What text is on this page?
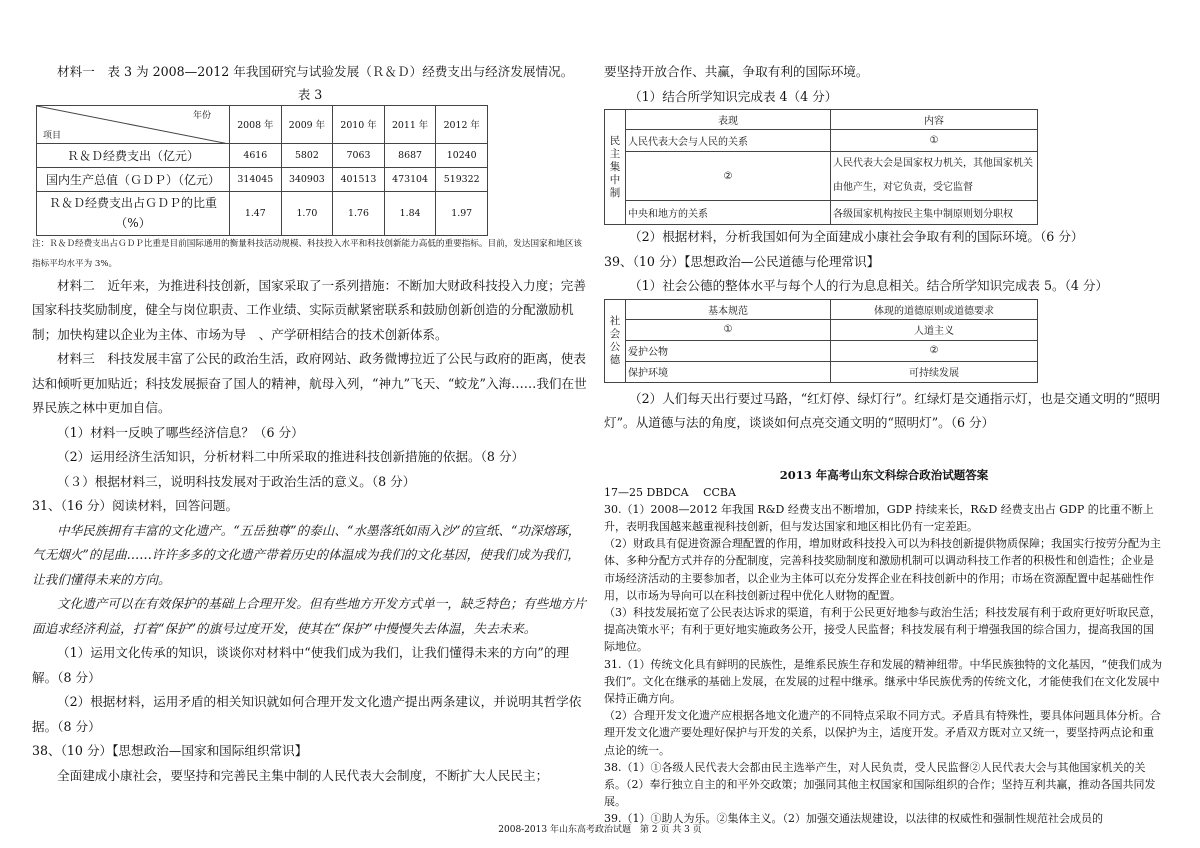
材料一　表 3 为 2008—2012 年我国研究与试验发展（Ｒ＆Ｄ）经费支出与经济发展情况。

表 3

年份
项目	2008 年	2009 年	2010 年	2011 年	2012 年
Ｒ＆Ｄ经费支出（亿元）	4616	5802	7063	8687	10240
国内生产总值（ＧＤＰ）（亿元）	314045	340903	401513	473104	519322
Ｒ＆Ｄ经费支出占ＧＤＰ的比重（%）	1.47	1.70	1.76	1.84	1.97

注：Ｒ＆Ｄ经费支出占ＧＤＰ比重是目前国际通用的衡量科技活动规模、科技投入水平和科技创新能力高低的重要指标。目前，发达国家和地区该指标平均水平为 3%。

材料二　近年来，为推进科技创新，国家采取了一系列措施：不断加大财政科技投入力度；完善国家科技奖励制度，健全与岗位职责、工作业绩、实际贡献紧密联系和鼓励创新创造的分配激励机制；加快构建以企业为主体、市场为导　、产学研相结合的技术创新体系。

材料三　科技发展丰富了公民的政治生活，政府网站、政务微博拉近了公民与政府的距离，使表达和倾听更加贴近；科技发展振奋了国人的精神，航母入列，“神九”飞天、“蛟龙”入海……我们在世界民族之林中更加自信。

（1）材料一反映了哪些经济信息？（6 分）

（2）运用经济生活知识，分析材料二中所采取的推进科技创新措施的依据。（8 分）

（３）根据材料三，说明科技发展对于政治生活的意义。（8 分）

31、（16 分）阅读材料，回答问题。

中华民族拥有丰富的文化遗产。“五岳独尊”的泰山、“水墨落纸如雨入沙”的宣纸、“功深熔琢，气无烟火”的昆曲……许许多多的文化遗产带着历史的体温成为我们的文化基因，使我们成为我们，让我们懂得未来的方向。

文化遗产可以在有效保护的基础上合理开发。但有些地方开发方式单一，缺乏特色；有些地方片面追求经济利益，打着“保护”的旗号过度开发，使其在“保护”中慢慢失去体温，失去未来。

（1）运用文化传承的知识，谈谈你对材料中“使我们成为我们，让我们懂得未来的方向”的理解。（8 分）

（2）根据材料，运用矛盾的相关知识就如何合理开发文化遗产提出两条建议，并说明其哲学依据。（8 分）

38、（10 分）【思想政治—国家和国际组织常识】

全面建成小康社会，要坚持和完善民主集中制的人民代表大会制度，不断扩大人民民主；

要坚持开放合作、共赢，争取有利的国际环境。

（1）结合所学知识完成表 4（4 分）

民主集中制	表现	内容
	人民代表大会与人民的关系	①
	②	人民代表大会是国家权力机关，其他国家机关由他产生，对它负责，受它监督
	中央和地方的关系	各级国家机构按民主集中制原则划分职权

（2）根据材料，分析我国如何为全面建成小康社会争取有利的国际环境。（6 分）

39、（10 分）【思想政治—公民道德与伦理常识】

（1）社会公德的整体水平与每个人的行为息息相关。结合所学知识完成表 5。（4 分）

社会公德	基本规范	体现的道德原则或道德要求
	①	人道主义
	爱护公物	②
	保护环境	可持续发展

（2）人们每天出行要过马路，“红灯停、绿灯行”。红绿灯是交通指示灯，也是交通文明的“照明灯”。从道德与法的角度，谈谈如何点亮交通文明的“照明灯”。（6 分）

2013 年高考山东文科综合政治试题答案

17—25 DBDCA　 CCBA

30.（1）2008—2012 年我国 R&D 经费支出不断增加，GDP 持续来长，R&D 经费支出占 GDP 的比重不断上升，表明我国越来越重视科技创新，但与发达国家和地区相比仍有一定差距。

（2）财政具有促进资源合理配置的作用，增加财政科技投入可以为科技创新提供物质保障；我国实行按劳分配为主体、多种分配方式并存的分配制度，完善科技奖励制度和激励机制可以调动科技工作者的积极性和创造性；企业是市场经济活动的主要参加者，以企业为主体可以充分发挥企业在科技创新中的作用；市场在资源配置中起基础性作用，以市场为导向可以在科技创新过程中优化人财物的配置。

（3）科技发展拓宽了公民表达诉求的渠道，有利于公民更好地参与政治生活；科技发展有利于政府更好听取民意，提高决策水平；有利于更好地实施政务公开，接受人民监督；科技发展有利于增强我国的综合国力，提高我国的国际地位。

31.（1）传统文化具有鲜明的民族性，是维系民族生存和发展的精神纽带。中华民族独特的文化基因，“使我们成为我们”。文化在继承的基础上发展，在发展的过程中继承。继承中华民族优秀的传统文化，才能使我们在文化发展中保持正确方向。

（2）合理开发文化遗产应根据各地文化遗产的不同特点采取不同方式。矛盾具有特殊性，要具体问题具体分析。合理开发文化遗产要处理好保护与开发的关系，以保护为主，适度开发。矛盾双方既对立又统一，要坚持两点论和重点论的统一。

38.（1）①各级人民代表大会都由民主选举产生，对人民负责，受人民监督②人民代表大会与其他国家机关的关系。（2）奉行独立自主的和平外交政策；加强同其他主权国家和国际组织的合作；坚持互利共赢，推动各国共同发展。

39.（1）①助人为乐。②集体主义。（2）加强交通法规建设，以法律的权威性和强制性规范社会成员的

2008-2013 年山东高考政治试题　第 2 页 共 3 页
